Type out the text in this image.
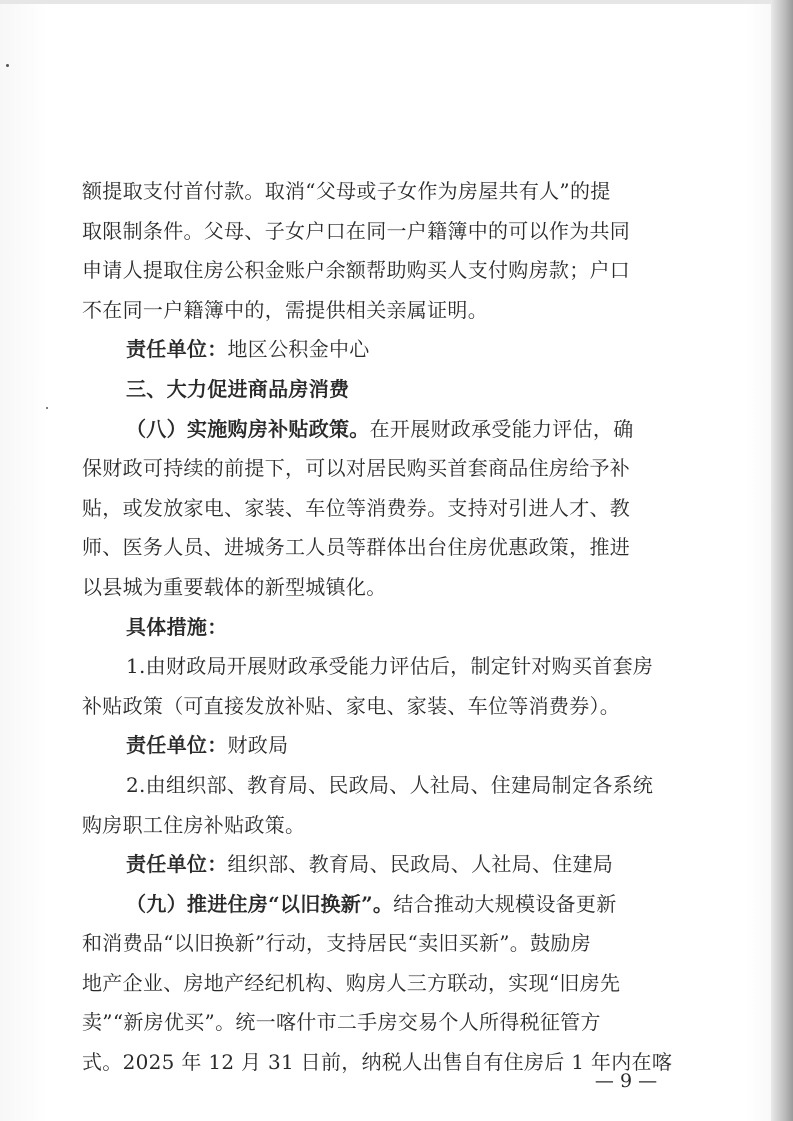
额提取支付首付款。取消“父母或子女作为房屋共有人”的提
取限制条件。父母、子女户口在同一户籍簿中的可以作为共同
申请人提取住房公积金账户余额帮助购买人支付购房款；户口
不在同一户籍簿中的，需提供相关亲属证明。

责任单位：地区公积金中心

三、大力促进商品房消费

（八）实施购房补贴政策。在开展财政承受能力评估，确
保财政可持续的前提下，可以对居民购买首套商品住房给予补
贴，或发放家电、家装、车位等消费券。支持对引进人才、教
师、医务人员、进城务工人员等群体出台住房优惠政策，推进
以县城为重要载体的新型城镇化。

具体措施：

1.由财政局开展财政承受能力评估后，制定针对购买首套房
补贴政策（可直接发放补贴、家电、家装、车位等消费券）。

责任单位：财政局

2.由组织部、教育局、民政局、人社局、住建局制定各系统
购房职工住房补贴政策。

责任单位：组织部、教育局、民政局、人社局、住建局

（九）推进住房“以旧换新”。结合推动大规模设备更新
和消费品“以旧换新”行动，支持居民“卖旧买新”。鼓励房
地产企业、房地产经纪机构、购房人三方联动，实现“旧房先
卖”“新房优买”。统一喀什市二手房交易个人所得税征管方
式。2025 年 12 月 31 日前，纳税人出售自有住房后 1 年内在喀

— 9 —
